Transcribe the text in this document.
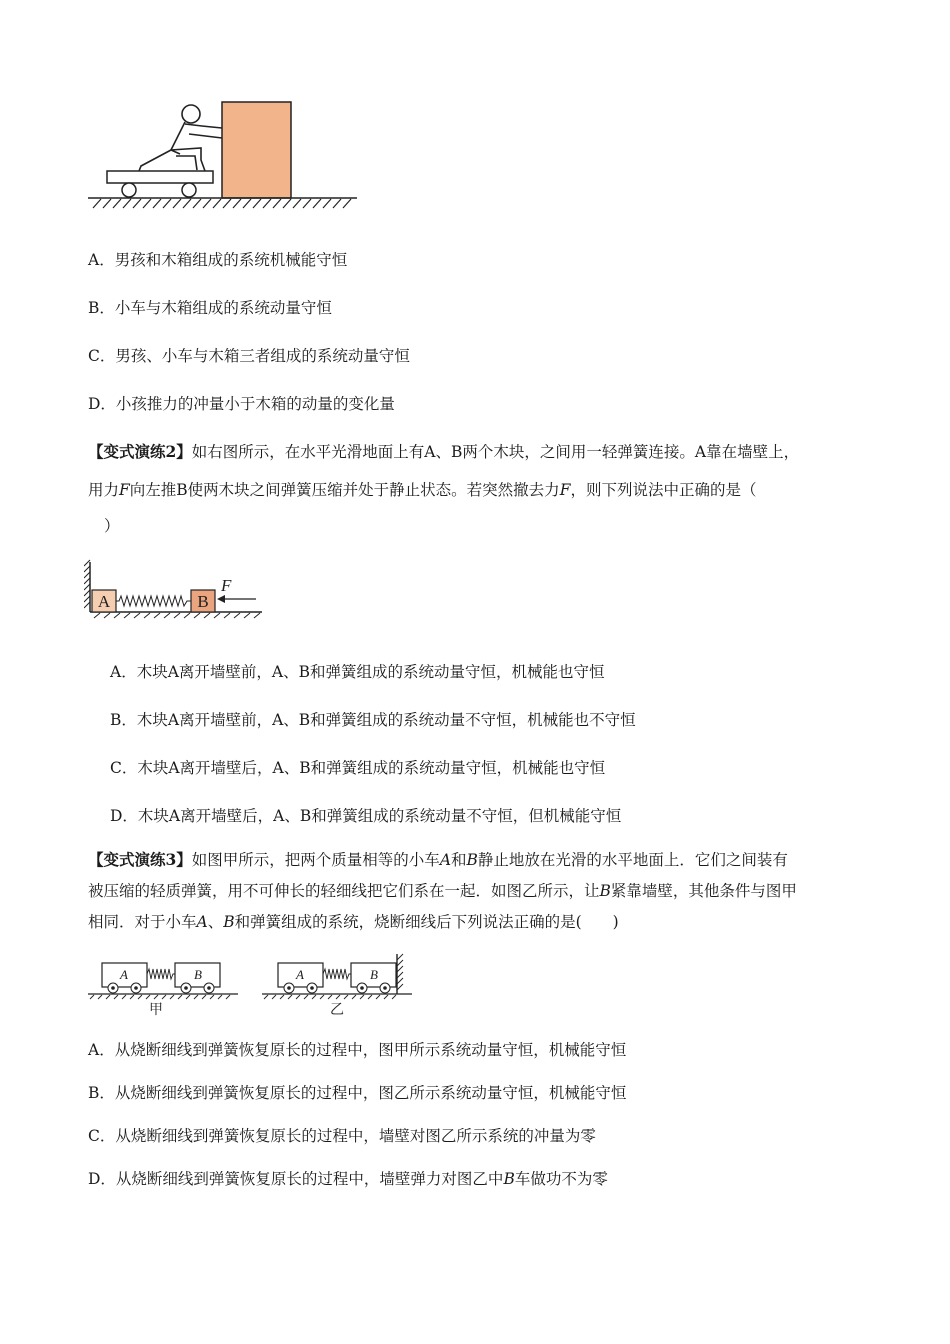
A．男孩和木箱组成的系统机械能守恒
B．小车与木箱组成的系统动量守恒
C．男孩、小车与木箱三者组成的系统动量守恒
D．小孩推力的冲量小于木箱的动量的变化量
【变式演练2】如右图所示，在水平光滑地面上有A、B两个木块，之间用一轻弹簧连接。A靠在墙壁上，
用力F向左推B使两木块之间弹簧压缩并处于静止状态。若突然撤去力F，则下列说法中正确的是（
）
A	B
F
A．木块A离开墙壁前，A、B和弹簧组成的系统动量守恒，机械能也守恒
B．木块A离开墙壁前，A、B和弹簧组成的系统动量不守恒，机械能也不守恒
C．木块A离开墙壁后，A、B和弹簧组成的系统动量守恒，机械能也守恒
D．木块A离开墙壁后，A、B和弹簧组成的系统动量不守恒，但机械能守恒
【变式演练3】如图甲所示，把两个质量相等的小车A和B静止地放在光滑的水平地面上．它们之间装有
被压缩的轻质弹簧，用不可伸长的轻细线把它们系在一起．如图乙所示，让B紧靠墙壁，其他条件与图甲
相同．对于小车A、B和弹簧组成的系统，烧断细线后下列说法正确的是(　　)
A	B
甲
A	B
乙
A．从烧断细线到弹簧恢复原长的过程中，图甲所示系统动量守恒，机械能守恒
B．从烧断细线到弹簧恢复原长的过程中，图乙所示系统动量守恒，机械能守恒
C．从烧断细线到弹簧恢复原长的过程中，墙壁对图乙所示系统的冲量为零
D．从烧断细线到弹簧恢复原长的过程中，墙壁弹力对图乙中B车做功不为零
